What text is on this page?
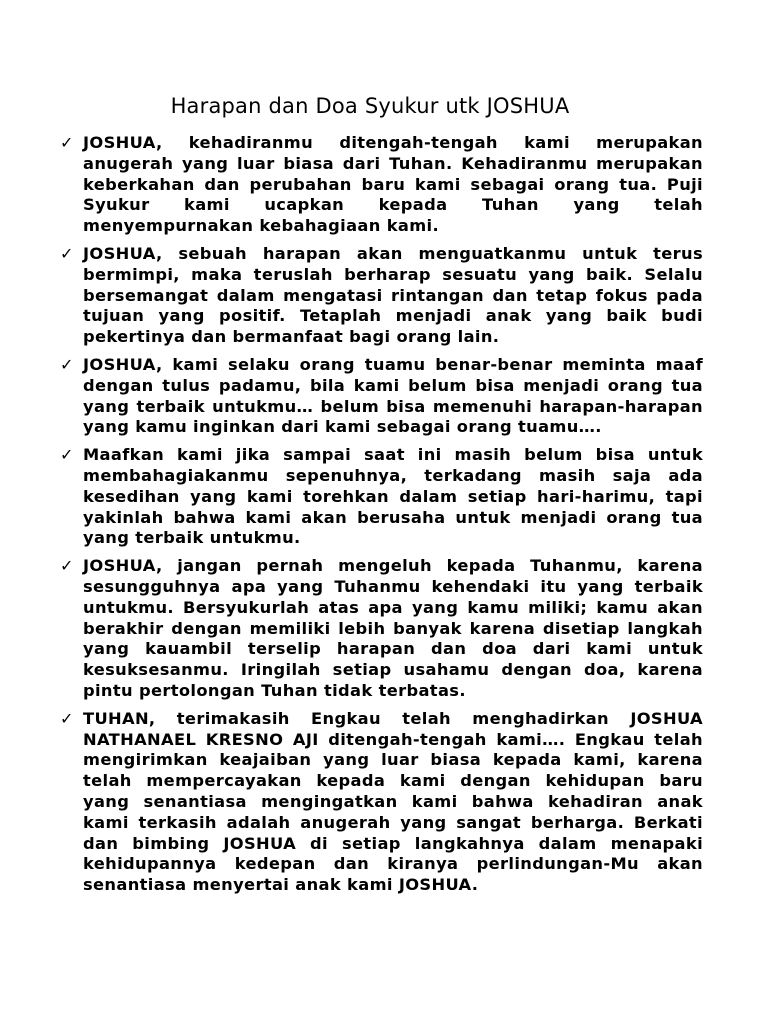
Harapan dan Doa Syukur utk JOSHUA
✓ JOSHUA, kehadiranmu ditengah-tengah kami merupakan anugerah yang luar biasa dari Tuhan. Kehadiranmu merupakan keberkahan dan perubahan baru kami sebagai orang tua. Puji Syukur kami ucapkan kepada Tuhan yang telah menyempurnakan kebahagiaan kami.
✓ JOSHUA, sebuah harapan akan menguatkanmu untuk terus bermimpi, maka teruslah berharap sesuatu yang baik. Selalu bersemangat dalam mengatasi rintangan dan tetap fokus pada tujuan yang positif. Tetaplah menjadi anak yang baik budi pekertinya dan bermanfaat bagi orang lain.
✓ JOSHUA, kami selaku orang tuamu benar-benar meminta maaf dengan tulus padamu, bila kami belum bisa menjadi orang tua yang terbaik untukmu… belum bisa memenuhi harapan-harapan yang kamu inginkan dari kami sebagai orang tuamu….
✓ Maafkan kami jika sampai saat ini masih belum bisa untuk membahagiakanmu sepenuhnya, terkadang masih saja ada kesedihan yang kami torehkan dalam setiap hari-harimu, tapi yakinlah bahwa kami akan berusaha untuk menjadi orang tua yang terbaik untukmu.
✓ JOSHUA, jangan pernah mengeluh kepada Tuhanmu, karena sesungguhnya apa yang Tuhanmu kehendaki itu yang terbaik untukmu. Bersyukurlah atas apa yang kamu miliki; kamu akan berakhir dengan memiliki lebih banyak karena disetiap langkah yang kauambil terselip harapan dan doa dari kami untuk kesuksesanmu. Iringilah setiap usahamu dengan doa, karena pintu pertolongan Tuhan tidak terbatas.
✓ TUHAN, terimakasih Engkau telah menghadirkan JOSHUA NATHANAEL KRESNO AJI ditengah-tengah kami…. Engkau telah mengirimkan keajaiban yang luar biasa kepada kami, karena telah mempercayakan kepada kami dengan kehidupan baru yang senantiasa mengingatkan kami bahwa kehadiran anak kami terkasih adalah anugerah yang sangat berharga. Berkati dan bimbing JOSHUA di setiap langkahnya dalam menapaki kehidupannya kedepan dan kiranya perlindungan-Mu akan senantiasa menyertai anak kami JOSHUA.
